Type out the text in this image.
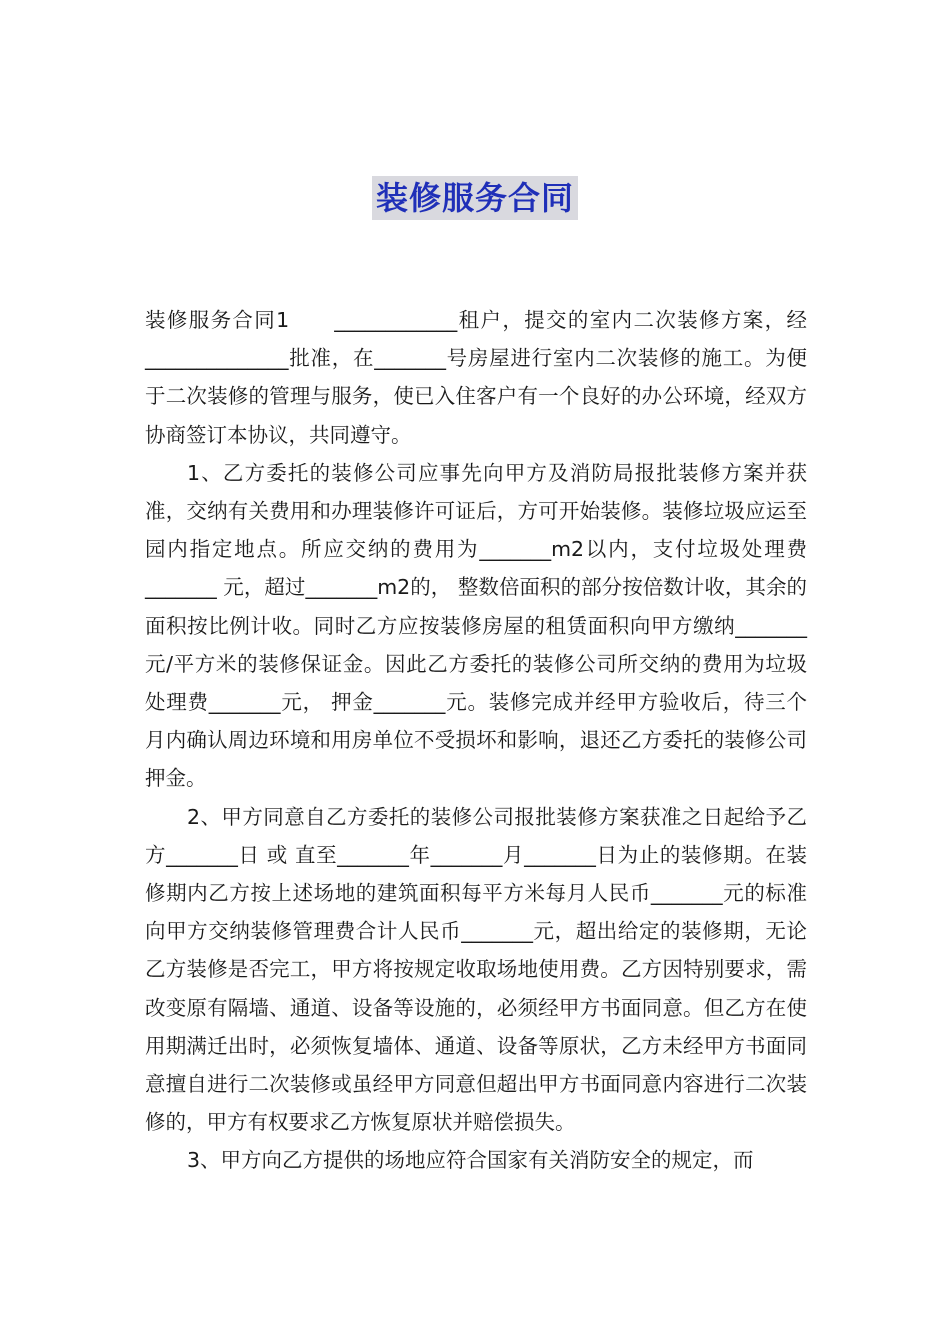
装修服务合同

装修服务合同1　　____________租户，提交的室内二次装修方案，经______________批准，在_______号房屋进行室内二次装修的施工。为便于二次装修的管理与服务，使已入住客户有一个良好的办公环境，经双方协商签订本协议，共同遵守。

1、乙方委托的装修公司应事先向甲方及消防局报批装修方案并获准，交纳有关费用和办理装修许可证后，方可开始装修。装修垃圾应运至园内指定地点。所应交纳的费用为_______m2以内，支付垃圾处理费_______ 元，超过_______m2的， 整数倍面积的部分按倍数计收，其余的面积按比例计收。同时乙方应按装修房屋的租赁面积向甲方缴纳_______元/平方米的装修保证金。因此乙方委托的装修公司所交纳的费用为垃圾处理费_______元， 押金_______元。装修完成并经甲方验收后，待三个月内确认周边环境和用房单位不受损坏和影响，退还乙方委托的装修公司押金。

2、甲方同意自乙方委托的装修公司报批装修方案获准之日起给予乙方_______日 或 直至_______年_______月_______日为止的装修期。在装修期内乙方按上述场地的建筑面积每平方米每月人民币_______元的标准向甲方交纳装修管理费合计人民币_______元，超出给定的装修期，无论乙方装修是否完工，甲方将按规定收取场地使用费。乙方因特别要求，需改变原有隔墙、通道、设备等设施的，必须经甲方书面同意。但乙方在使用期满迁出时，必须恢复墙体、通道、设备等原状，乙方未经甲方书面同意擅自进行二次装修或虽经甲方同意但超出甲方书面同意内容进行二次装修的，甲方有权要求乙方恢复原状并赔偿损失。

3、甲方向乙方提供的场地应符合国家有关消防安全的规定，而
